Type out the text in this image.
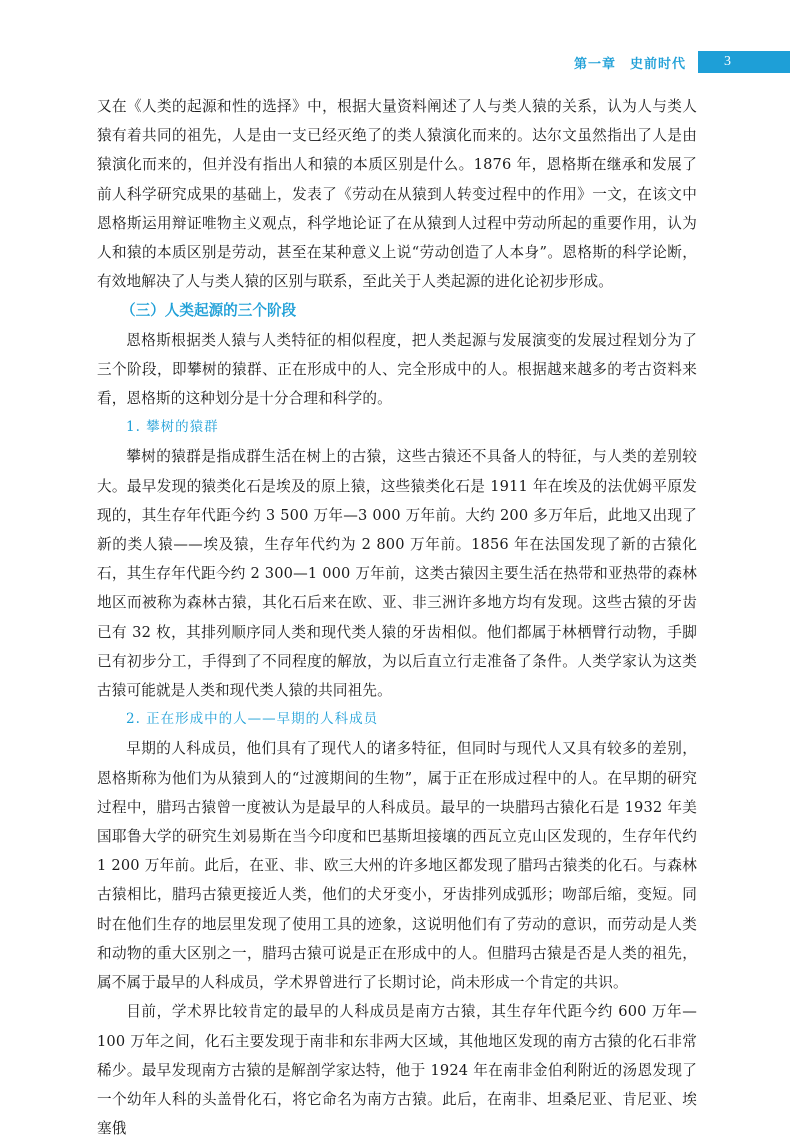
第一章 史前时代	3

又在《人类的起源和性的选择》中，根据大量资料阐述了人与类人猿的关系，认为人与类人猿有着共同的祖先，人是由一支已经灭绝了的类人猿演化而来的。达尔文虽然指出了人是由猿演化而来的，但并没有指出人和猿的本质区别是什么。1876 年，恩格斯在继承和发展了前人科学研究成果的基础上，发表了《劳动在从猿到人转变过程中的作用》一文，在该文中恩格斯运用辩证唯物主义观点，科学地论证了在从猿到人过程中劳动所起的重要作用，认为人和猿的本质区别是劳动，甚至在某种意义上说“劳动创造了人本身”。恩格斯的科学论断，有效地解决了人与类人猿的区别与联系，至此关于人类起源的进化论初步形成。

（三）人类起源的三个阶段

恩格斯根据类人猿与人类特征的相似程度，把人类起源与发展演变的发展过程划分为了三个阶段，即攀树的猿群、正在形成中的人、完全形成中的人。根据越来越多的考古资料来看，恩格斯的这种划分是十分合理和科学的。

1. 攀树的猿群

攀树的猿群是指成群生活在树上的古猿，这些古猿还不具备人的特征，与人类的差别较大。最早发现的猿类化石是埃及的原上猿，这些猿类化石是 1911 年在埃及的法优姆平原发现的，其生存年代距今约 3 500 万年—3 000 万年前。大约 200 多万年后，此地又出现了新的类人猿——埃及猿，生存年代约为 2 800 万年前。1856 年在法国发现了新的古猿化石，其生存年代距今约 2 300—1 000 万年前，这类古猿因主要生活在热带和亚热带的森林地区而被称为森林古猿，其化石后来在欧、亚、非三洲许多地方均有发现。这些古猿的牙齿已有 32 枚，其排列顺序同人类和现代类人猿的牙齿相似。他们都属于林栖臂行动物，手脚已有初步分工，手得到了不同程度的解放，为以后直立行走准备了条件。人类学家认为这类古猿可能就是人类和现代类人猿的共同祖先。

2. 正在形成中的人——早期的人科成员

早期的人科成员，他们具有了现代人的诸多特征，但同时与现代人又具有较多的差别，恩格斯称为他们为从猿到人的“过渡期间的生物”，属于正在形成过程中的人。在早期的研究过程中，腊玛古猿曾一度被认为是最早的人科成员。最早的一块腊玛古猿化石是 1932 年美国耶鲁大学的研究生刘易斯在当今印度和巴基斯坦接壤的西瓦立克山区发现的，生存年代约 1 200 万年前。此后，在亚、非、欧三大州的许多地区都发现了腊玛古猿类的化石。与森林古猿相比，腊玛古猿更接近人类，他们的犬牙变小，牙齿排列成弧形；吻部后缩，变短。同时在他们生存的地层里发现了使用工具的迹象，这说明他们有了劳动的意识，而劳动是人类和动物的重大区别之一，腊玛古猿可说是正在形成中的人。但腊玛古猿是否是人类的祖先，属不属于最早的人科成员，学术界曾进行了长期讨论，尚未形成一个肯定的共识。

目前，学术界比较肯定的最早的人科成员是南方古猿，其生存年代距今约 600 万年—100 万年之间，化石主要发现于南非和东非两大区域，其他地区发现的南方古猿的化石非常稀少。最早发现南方古猿的是解剖学家达特，他于 1924 年在南非金伯利附近的汤恩发现了一个幼年人科的头盖骨化石，将它命名为南方古猿。此后，在南非、坦桑尼亚、肯尼亚、埃塞俄
